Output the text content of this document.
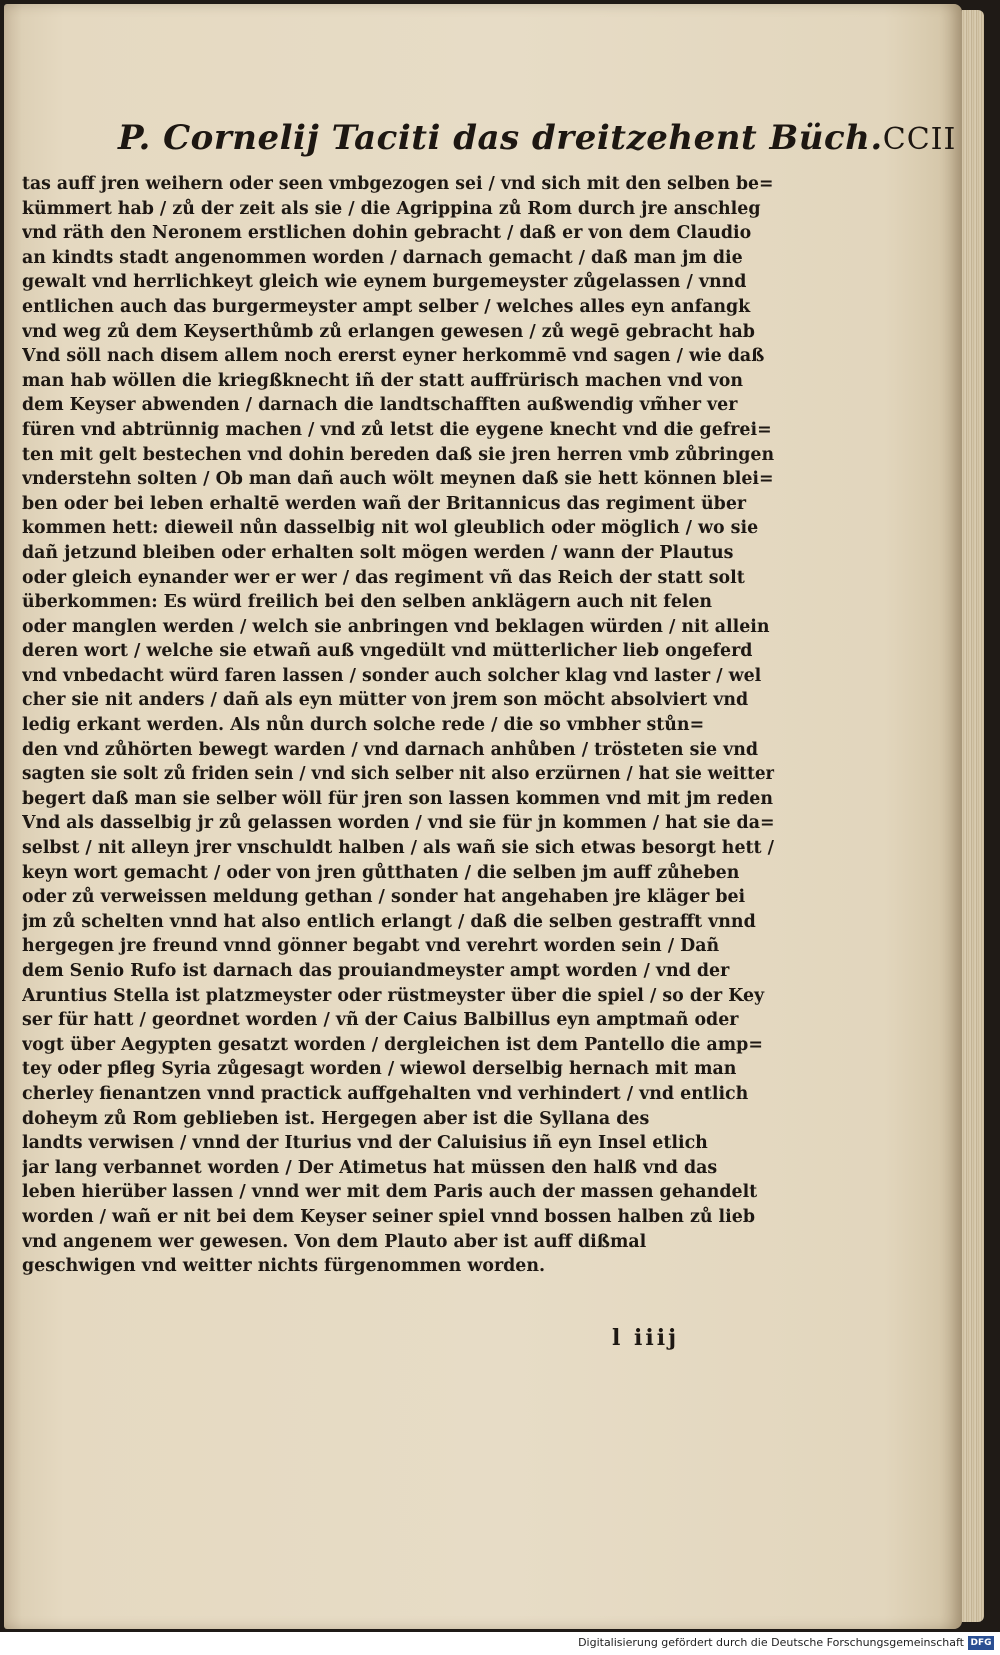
P. Cornelij Taciti das dreitzehent Büch. CCII
tas auff jren weihern oder seen vmbgezogen sei / vnd sich mit den selben be=
kümmert hab / zů der zeit als sie / die Agrippina zů Rom durch jre anschleg
vnd räth den Neronem erstlichen dohin gebracht / daß er von dem Claudio
an kindts stadt angenommen worden / darnach gemacht / daß man jm die
gewalt vnd herrlichkeyt gleich wie eynem burgemeyster zůgelassen / vnnd
entlichen auch das burgermeyster ampt selber / welches alles eyn anfangk
vnd weg zů dem Keyserthůmb zů erlangen gewesen / zů wegē gebracht hab
Vnd söll nach disem allem noch ererst eyner herkommē vnd sagen / wie daß
man hab wöllen die kriegßknecht iñ der statt auffrürisch machen vnd von
dem Keyser abwenden / darnach die landtschafften außwendig vm̃her ver
füren vnd abtrünnig machen / vnd zů letst die eygene knecht vnd die gefrei=
ten mit gelt bestechen vnd dohin bereden daß sie jren herren vmb zůbringen
vnderstehn solten / Ob man dañ auch wölt meynen daß sie hett können blei=
ben oder bei leben erhaltē werden wañ der Britannicus das regiment über
kommen hett: dieweil nůn dasselbig nit wol gleublich oder möglich / wo sie
dañ jetzund bleiben oder erhalten solt mögen werden / wann der Plautus
oder gleich eynander wer er wer / das regiment vñ das Reich der statt solt
überkommen: Es würd freilich bei den selben anklägern auch nit felen
oder manglen werden / welch sie anbringen vnd beklagen würden / nit allein
deren wort / welche sie etwañ auß vngedült vnd mütterlicher lieb ongeferd
vnd vnbedacht würd faren lassen / sonder auch solcher klag vnd laster / wel
cher sie nit anders / dañ als eyn mütter von jrem son möcht absolviert vnd
ledig erkant werden. Als nůn durch solche rede / die so vmbher stůn=
den vnd zůhörten bewegt warden / vnd darnach anhůben / trösteten sie vnd
sagten sie solt zů friden sein / vnd sich selber nit also erzürnen / hat sie weitter
begert daß man sie selber wöll für jren son lassen kommen vnd mit jm reden
Vnd als dasselbig jr zů gelassen worden / vnd sie für jn kommen / hat sie da=
selbst / nit alleyn jrer vnschuldt halben / als wañ sie sich etwas besorgt hett /
keyn wort gemacht / oder von jren gůtthaten / die selben jm auff zůheben
oder zů verweissen meldung gethan / sonder hat angehaben jre kläger bei
jm zů schelten vnnd hat also entlich erlangt / daß die selben gestrafft vnnd
hergegen jre freund vnnd gönner begabt vnd verehrt worden sein / Dañ
dem Senio Rufo ist darnach das prouiandmeyster ampt worden / vnd der
Aruntius Stella ist platzmeyster oder rüstmeyster über die spiel / so der Key
ser für hatt / geordnet worden / vñ der Caius Balbillus eyn amptmañ oder
vogt über Aegypten gesatzt worden / dergleichen ist dem Pantello die amp=
tey oder pfleg Syria zůgesagt worden / wiewol derselbig hernach mit man
cherley fienantzen vnnd practick auffgehalten vnd verhindert / vnd entlich
doheym zů Rom geblieben ist. Hergegen aber ist die Syllana des
landts verwisen / vnnd der Iturius vnd der Caluisius iñ eyn Insel etlich
jar lang verbannet worden / Der Atimetus hat müssen den halß vnd das
leben hierüber lassen / vnnd wer mit dem Paris auch der massen gehandelt
worden / wañ er nit bei dem Keyser seiner spiel vnnd bossen halben zů lieb
vnd angenem wer gewesen. Von dem Plauto aber ist auff dißmal
geschwigen vnd weitter nichts fürgenommen worden.
l iiij
Digitalisierung gefördert durch die Deutsche Forschungsgemeinschaft DFG
